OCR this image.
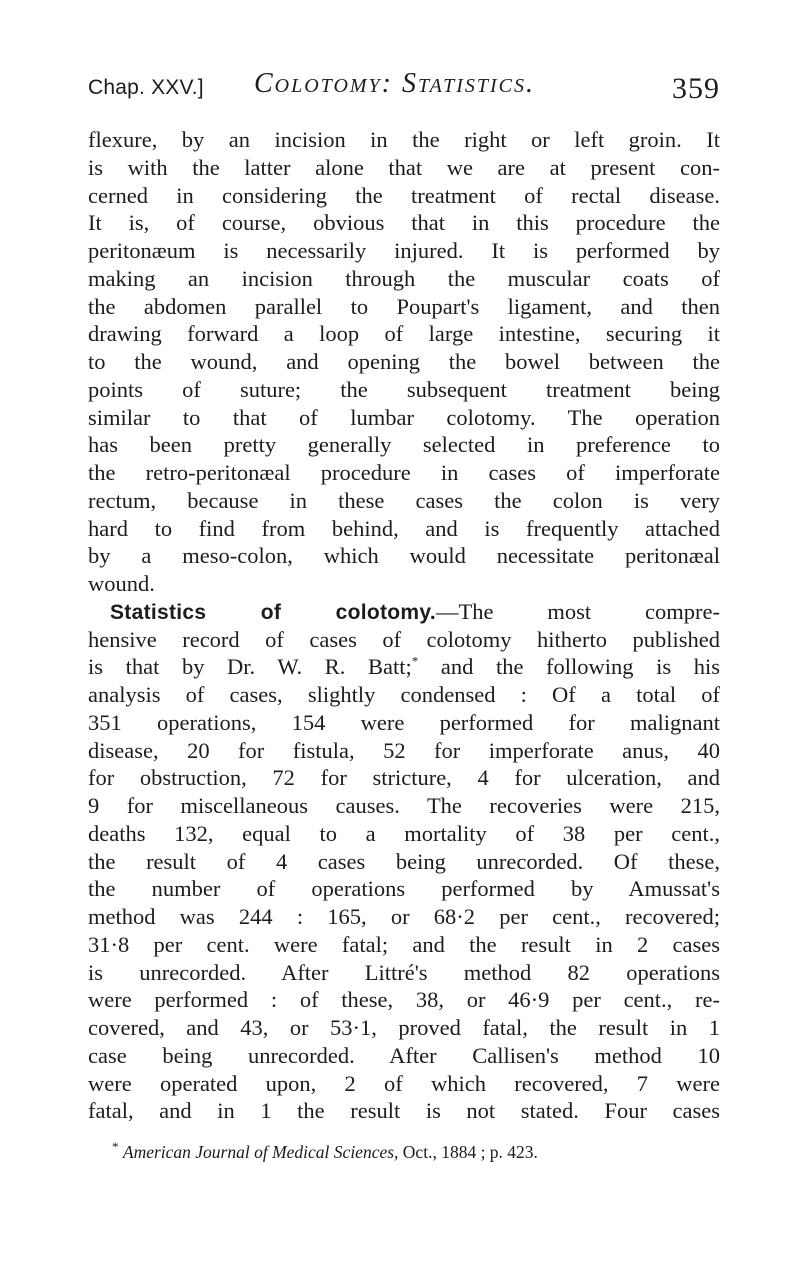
Chap. XXV.] Colotomy: Statistics.	359
flexure, by an incision in the right or left groin. It
is with the latter alone that we are at present con-
cerned in considering the treatment of rectal disease.
It is, of course, obvious that in this procedure the
peritonæum is necessarily injured. It is performed by
making an incision through the muscular coats of
the abdomen parallel to Poupart's ligament, and then
drawing forward a loop of large intestine, securing it
to the wound, and opening the bowel between the
points of suture; the subsequent treatment being
similar to that of lumbar colotomy. The operation
has been pretty generally selected in preference to
the retro-peritonæal procedure in cases of imperforate
rectum, because in these cases the colon is very
hard to find from behind, and is frequently attached
by a meso-colon, which would necessitate peritonæal
wound.
Statistics of colotomy.—The most compre-
hensive record of cases of colotomy hitherto published
is that by Dr. W. R. Batt;* and the following is his
analysis of cases, slightly condensed : Of a total of
351 operations, 154 were performed for malignant
disease, 20 for fistula, 52 for imperforate anus, 40
for obstruction, 72 for stricture, 4 for ulceration, and
9 for miscellaneous causes. The recoveries were 215,
deaths 132, equal to a mortality of 38 per cent.,
the result of 4 cases being unrecorded. Of these,
the number of operations performed by Amussat's
method was 244 : 165, or 68·2 per cent., recovered;
31·8 per cent. were fatal; and the result in 2 cases
is unrecorded. After Littré's method 82 operations
were performed : of these, 38, or 46·9 per cent., re-
covered, and 43, or 53·1, proved fatal, the result in 1
case being unrecorded. After Callisen's method 10
were operated upon, 2 of which recovered, 7 were
fatal, and in 1 the result is not stated. Four cases
* American Journal of Medical Sciences, Oct., 1884 ; p. 423.
